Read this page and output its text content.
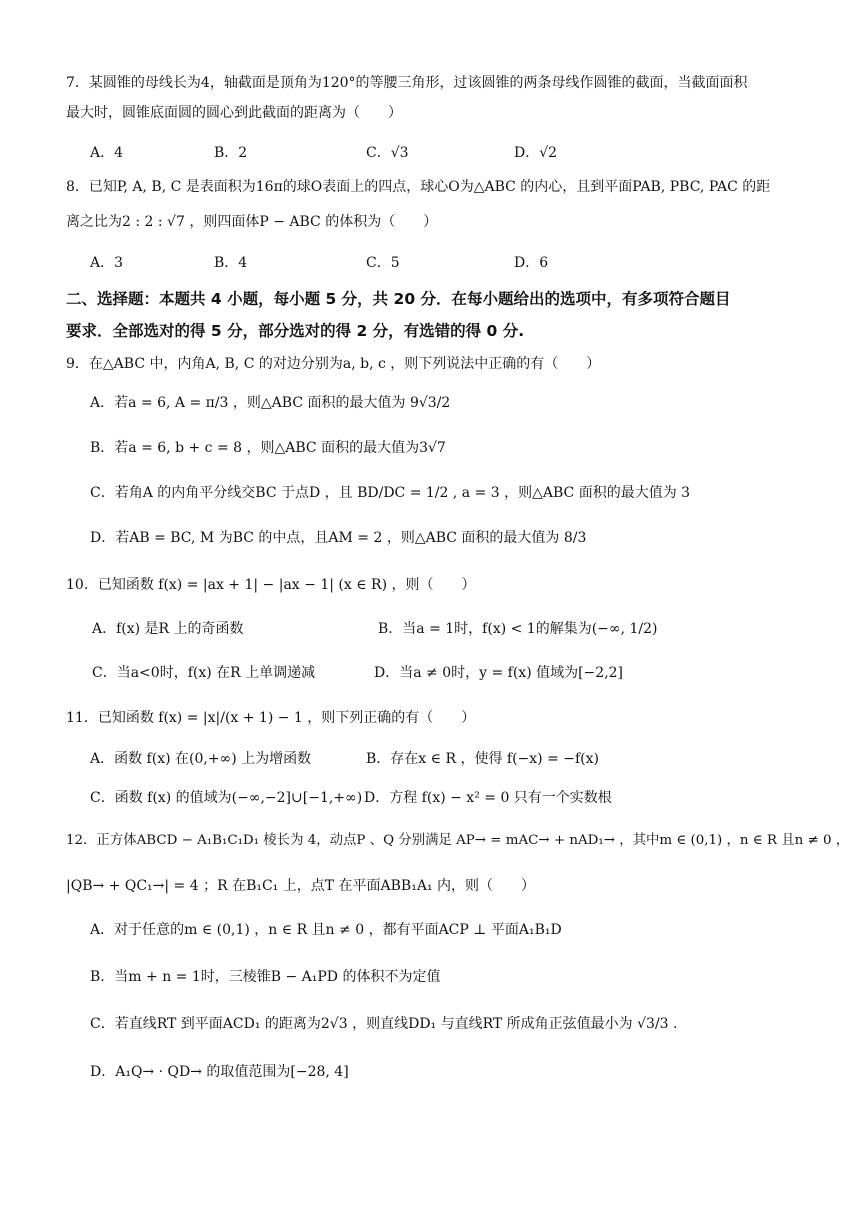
7．某圆锥的母线长为4，轴截面是顶角为120°的等腰三角形，过该圆锥的两条母线作圆锥的截面，当截面面积
最大时，圆锥底面圆的圆心到此截面的距离为（　　）
A．4	B．2	C．√3	D．√2
8．已知P, A, B, C 是表面积为16π的球O表面上的四点，球心O为△ABC 的内心，且到平面PAB, PBC, PAC 的距
离之比为2 : 2 : √7 ，则四面体P − ABC 的体积为（　　）
A．3	B．4	C．5	D．6
二、选择题：本题共 4 小题，每小题 5 分，共 20 分．在每小题给出的选项中，有多项符合题目
要求．全部选对的得 5 分，部分选对的得 2 分，有选错的得 0 分.
9．在△ABC 中，内角A, B, C 的对边分别为a, b, c ，则下列说法中正确的有（　　）
A．若a = 6, A = π/3 ，则△ABC 面积的最大值为 9√3/2
B．若a = 6, b + c = 8 ，则△ABC 面积的最大值为3√7
C．若角A 的内角平分线交BC 于点D ，且 BD/DC = 1/2 , a = 3 ，则△ABC 面积的最大值为 3
D．若AB = BC, M 为BC 的中点，且AM = 2 ，则△ABC 面积的最大值为 8/3
10．已知函数 f(x) = |ax + 1| − |ax − 1| (x ∈ R) ，则（　　）
A．f(x) 是R 上的奇函数	B．当a = 1时，f(x) < 1的解集为(−∞, 1/2)
C．当a<0时，f(x) 在R 上单调递减	D．当a ≠ 0时，y = f(x) 值域为[−2,2]
11．已知函数 f(x) = |x|/(x + 1) − 1 ，则下列正确的有（　　）
A．函数 f(x) 在(0,+∞) 上为增函数	B．存在x ∈ R ，使得 f(−x) = −f(x)
C．函数 f(x) 的值域为(−∞,−2]∪[−1,+∞) D．方程 f(x) − x² = 0 只有一个实数根
12．正方体ABCD − A₁B₁C₁D₁ 棱长为 4，动点P 、Q 分别满足 AP→ = mAC→ + nAD₁→ ，其中m ∈ (0,1) ，n ∈ R 且n ≠ 0 ，
|QB→ + QC₁→| = 4 ；R 在B₁C₁ 上，点T 在平面ABB₁A₁ 内，则（　　）
A．对于任意的m ∈ (0,1) ，n ∈ R 且n ≠ 0 ，都有平面ACP ⊥ 平面A₁B₁D
B．当m + n = 1时，三棱锥B − A₁PD 的体积不为定值
C．若直线RT 到平面ACD₁ 的距离为2√3 ，则直线DD₁ 与直线RT 所成角正弦值最小为 √3/3 .
D．A₁Q→ · QD→ 的取值范围为[−28, 4]
